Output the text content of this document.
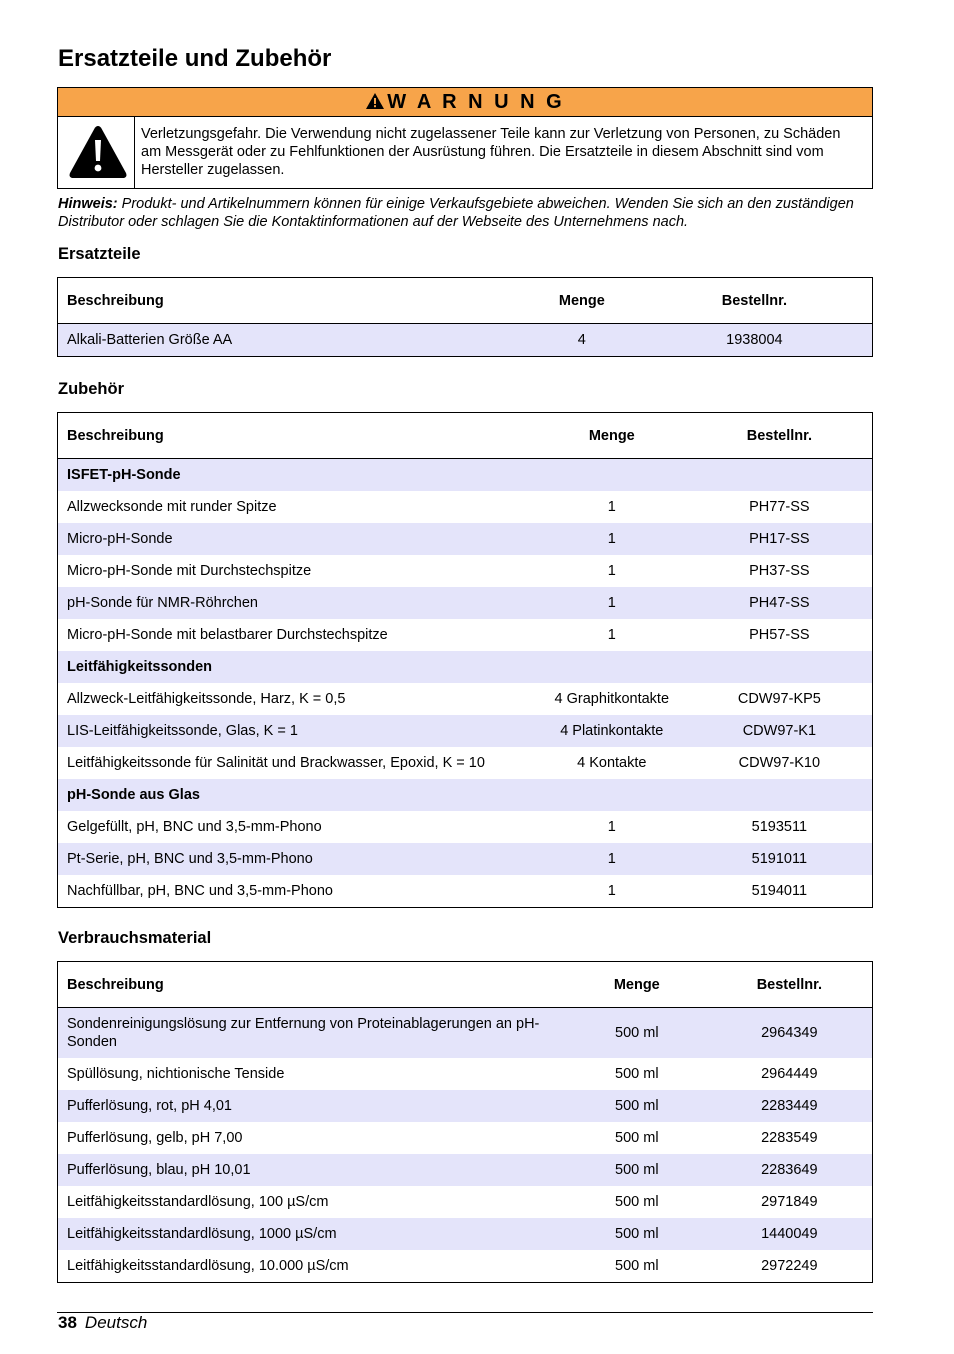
Ersatzteile und Zubehör
W A R N U N G
Verletzungsgefahr. Die Verwendung nicht zugelassener Teile kann zur Verletzung von Personen, zu Schäden am Messgerät oder zu Fehlfunktionen der Ausrüstung führen. Die Ersatzteile in diesem Abschnitt sind vom Hersteller zugelassen.
Hinweis: Produkt- und Artikelnummern können für einige Verkaufsgebiete abweichen. Wenden Sie sich an den zuständigen Distributor oder schlagen Sie die Kontaktinformationen auf der Webseite des Unternehmens nach.
Ersatzteile
Beschreibung	Menge	Bestellnr.
Alkali-Batterien Größe AA	4	1938004
Zubehör
Beschreibung	Menge	Bestellnr.
ISFET-pH-Sonde		
Allzwecksonde mit runder Spitze	1	PH77-SS
Micro-pH-Sonde	1	PH17-SS
Micro-pH-Sonde mit Durchstechspitze	1	PH37-SS
pH-Sonde für NMR-Röhrchen	1	PH47-SS
Micro-pH-Sonde mit belastbarer Durchstechspitze	1	PH57-SS
Leitfähigkeitssonden		
Allzweck-Leitfähigkeitssonde, Harz, K = 0,5	4 Graphitkontakte	CDW97-KP5
LIS-Leitfähigkeitssonde, Glas, K = 1	4 Platinkontakte	CDW97-K1
Leitfähigkeitssonde für Salinität und Brackwasser, Epoxid, K = 10	4 Kontakte	CDW97-K10
pH-Sonde aus Glas		
Gelgefüllt, pH, BNC und 3,5-mm-Phono	1	5193511
Pt-Serie, pH, BNC und 3,5-mm-Phono	1	5191011
Nachfüllbar, pH, BNC und 3,5-mm-Phono	1	5194011
Verbrauchsmaterial
Beschreibung	Menge	Bestellnr.
Sondenreinigungslösung zur Entfernung von Proteinablagerungen an pH-Sonden	500 ml	2964349
Spüllösung, nichtionische Tenside	500 ml	2964449
Pufferlösung, rot, pH 4,01	500 ml	2283449
Pufferlösung, gelb, pH 7,00	500 ml	2283549
Pufferlösung, blau, pH 10,01	500 ml	2283649
Leitfähigkeitsstandardlösung, 100 µS/cm	500 ml	2971849
Leitfähigkeitsstandardlösung, 1000 µS/cm	500 ml	1440049
Leitfähigkeitsstandardlösung, 10.000 µS/cm	500 ml	2972249
38 Deutsch
